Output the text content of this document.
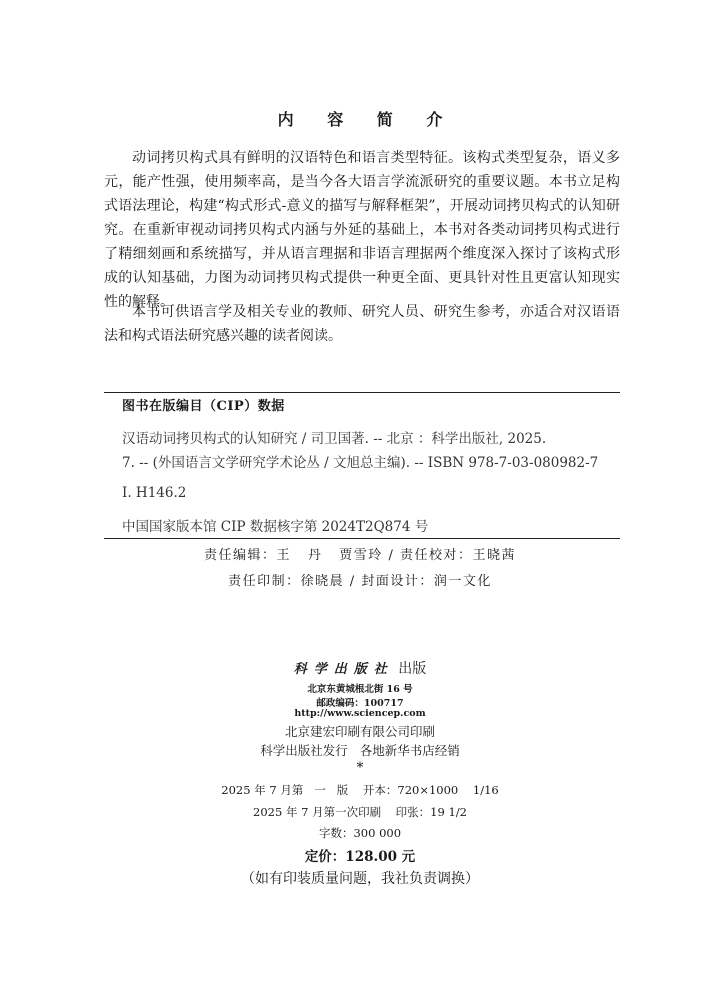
内 容 简 介

动词拷贝构式具有鲜明的汉语特色和语言类型特征。该构式类型复杂，语义多元，能产性强，使用频率高，是当今各大语言学流派研究的重要议题。本书立足构式语法理论，构建“构式形式-意义的描写与解释框架”，开展动词拷贝构式的认知研究。在重新审视动词拷贝构式内涵与外延的基础上，本书对各类动词拷贝构式进行了精细刻画和系统描写，并从语言理据和非语言理据两个维度深入探讨了该构式形成的认知基础，力图为动词拷贝构式提供一种更全面、更具针对性且更富认知现实性的解释。

本书可供语言学及相关专业的教师、研究人员、研究生参考，亦适合对汉语语法和构式语法研究感兴趣的读者阅读。

图书在版编目（CIP）数据
汉语动词拷贝构式的认知研究 / 司卫国著. -- 北京 ：科学出版社, 2025.
7. -- (外国语言文学研究学术论丛 / 文旭总主编). -- ISBN 978-7-03-080982-7
Ⅰ. H146.2
中国国家版本馆 CIP 数据核字第 2024T2Q874 号
责任编辑：王   丹   贾雪玲 / 责任校对：王晓茜
责任印制：徐晓晨 / 封面设计：润一文化
科学出版社 出版
北京东黄城根北街 16 号
邮政编码：100717
http://www.sciencep.com
北京建宏印刷有限公司印刷
科学出版社发行   各地新华书店经销
*
2025 年 7 月第   一   版    开本：720×1000    1/16
2025 年 7 月第一次印刷    印张：19 1/2
字数：300 000
定价：128.00 元
（如有印装质量问题，我社负责调换）
